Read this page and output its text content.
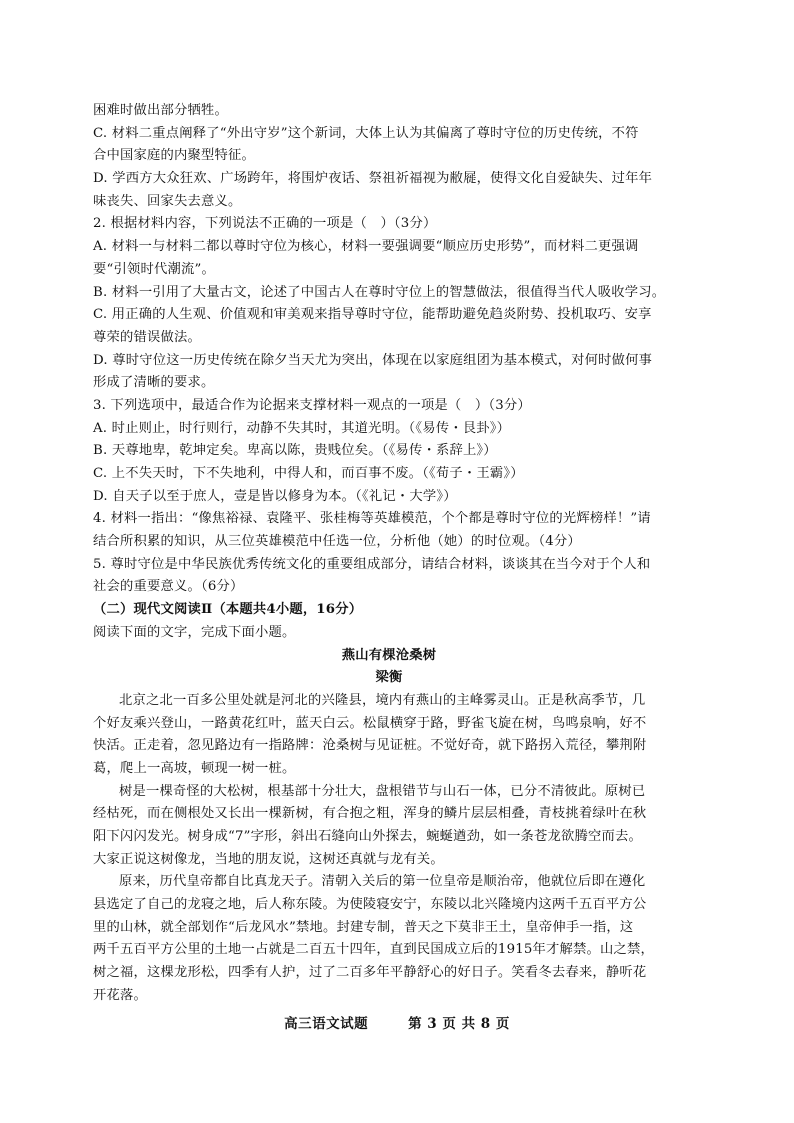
困难时做出部分牺牲。
C. 材料二重点阐释了“外出守岁”这个新词，大体上认为其偏离了尊时守位的历史传统，不符
合中国家庭的内聚型特征。
D. 学西方大众狂欢、广场跨年，将围炉夜话、祭祖祈福视为敝屣，使得文化自爱缺失、过年年
味丧失、回家失去意义。
2. 根据材料内容，下列说法不正确的一项是（　）（3分）
A. 材料一与材料二都以尊时守位为核心，材料一要强调要“顺应历史形势”，而材料二更强调
要“引领时代潮流”。
B. 材料一引用了大量古文，论述了中国古人在尊时守位上的智慧做法，很值得当代人吸收学习。
C. 用正确的人生观、价值观和审美观来指导尊时守位，能帮助避免趋炎附势、投机取巧、安享
尊荣的错误做法。
D. 尊时守位这一历史传统在除夕当天尤为突出，体现在以家庭组团为基本模式，对何时做何事
形成了清晰的要求。
3. 下列选项中，最适合作为论据来支撑材料一观点的一项是（　）（3分）
A. 时止则止，时行则行，动静不失其时，其道光明。（《易传・艮卦》）
B. 天尊地卑，乾坤定矣。卑高以陈，贵贱位矣。（《易传・系辞上》）
C. 上不失天时，下不失地利，中得人和，而百事不废。（《荀子・王霸》）
D. 自天子以至于庶人，壹是皆以修身为本。（《礼记・大学》）
4. 材料一指出：“像焦裕禄、袁隆平、张桂梅等英雄模范，个个都是尊时守位的光辉榜样！”请
结合所积累的知识，从三位英雄模范中任选一位，分析他（她）的时位观。（4分）
5. 尊时守位是中华民族优秀传统文化的重要组成部分，请结合材料，谈谈其在当今对于个人和
社会的重要意义。（6分）
（二）现代文阅读Ⅱ（本题共4小题，16分）
阅读下面的文字，完成下面小题。
燕山有棵沧桑树
梁衡
北京之北一百多公里处就是河北的兴隆县，境内有燕山的主峰雾灵山。正是秋高季节，几
个好友乘兴登山，一路黄花红叶，蓝天白云。松鼠横穿于路，野雀飞旋在树，鸟鸣泉响，好不
快活。正走着，忽见路边有一指路牌：沧桑树与见证桩。不觉好奇，就下路拐入荒径，攀荆附
葛，爬上一高坡，顿现一树一桩。
树是一棵奇怪的大松树，根基部十分壮大，盘根错节与山石一体，已分不清彼此。原树已
经枯死，而在侧根处又长出一棵新树，有合抱之粗，浑身的鳞片层层相叠，青枝挑着绿叶在秋
阳下闪闪发光。树身成“7”字形，斜出石缝向山外探去，蜿蜒遒劲，如一条苍龙欲腾空而去。
大家正说这树像龙，当地的朋友说，这树还真就与龙有关。
原来，历代皇帝都自比真龙天子。清朝入关后的第一位皇帝是顺治帝，他就位后即在遵化
县选定了自己的龙寝之地，后人称东陵。为使陵寝安宁，东陵以北兴隆境内这两千五百平方公
里的山林，就全部划作“后龙风水”禁地。封建专制，普天之下莫非王土，皇帝伸手一指，这
两千五百平方公里的土地一占就是二百五十四年，直到民国成立后的1915年才解禁。山之禁，
树之福，这棵龙形松，四季有人护，过了二百多年平静舒心的好日子。笑看冬去春来，静听花
开花落。
高三语文试题	第 3 页 共 8 页
